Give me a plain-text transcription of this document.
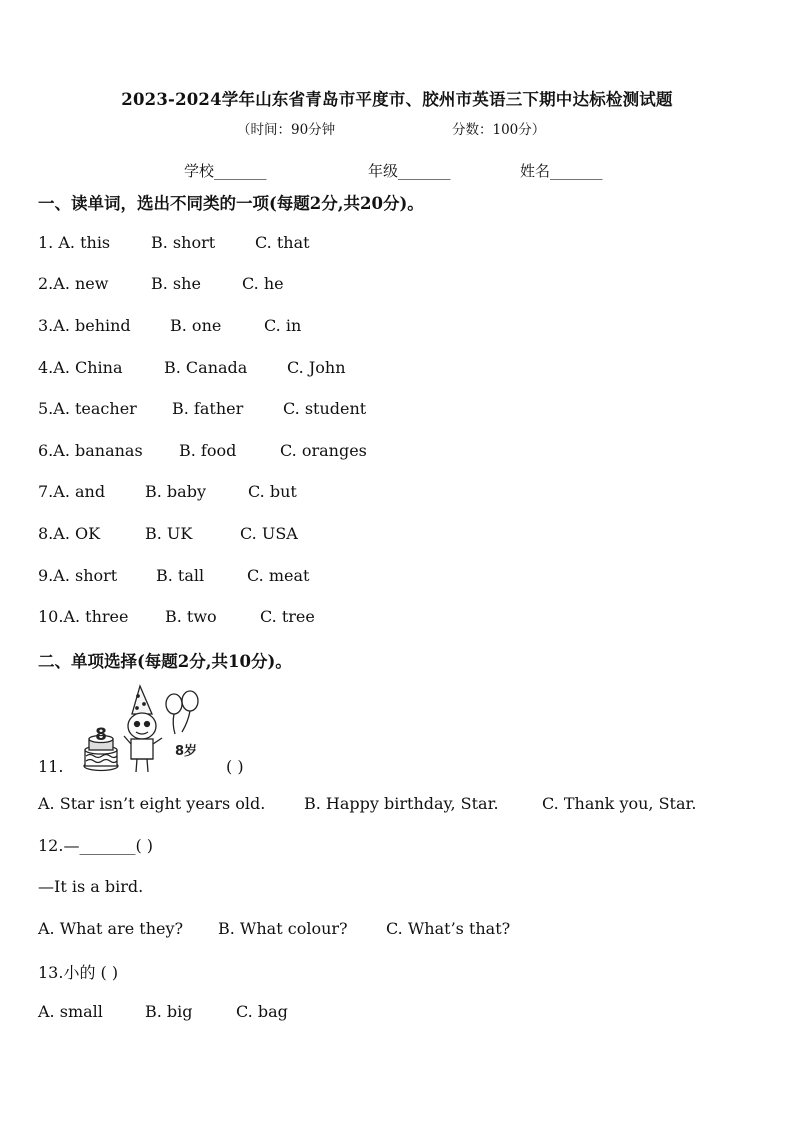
2023-2024学年山东省青岛市平度市、胶州市英语三下期中达标检测试题
（时间：90分钟	分数：100分）
学校_______	年级_______	姓名_______
一、读单词，选出不同类的一项(每题2分,共20分)。
1. A. this	B. short C. that
2.A. new	B. she	C. he
3.A. behind B. one	C. in
4.A. China	B. Canada C. John
5.A. teacher B. father C. student
6.A. bananas B. food	C. oranges
7.A. and B. baby	C. but
8.A. OK	B. UK	C. USA
9.A. short B. tall	C. meat
10.A. three B. two	C. tree
二、单项选择(每题2分,共10分)。
8
8岁
11.	( )
A. Star isn’t eight years old. B. Happy birthday, Star.	C. Thank you, Star.
12.—_______( )
—It is a bird.
A. What are they? B. What colour? C. What’s that?
13.小的 ( )
A. small	B. big	C. bag
